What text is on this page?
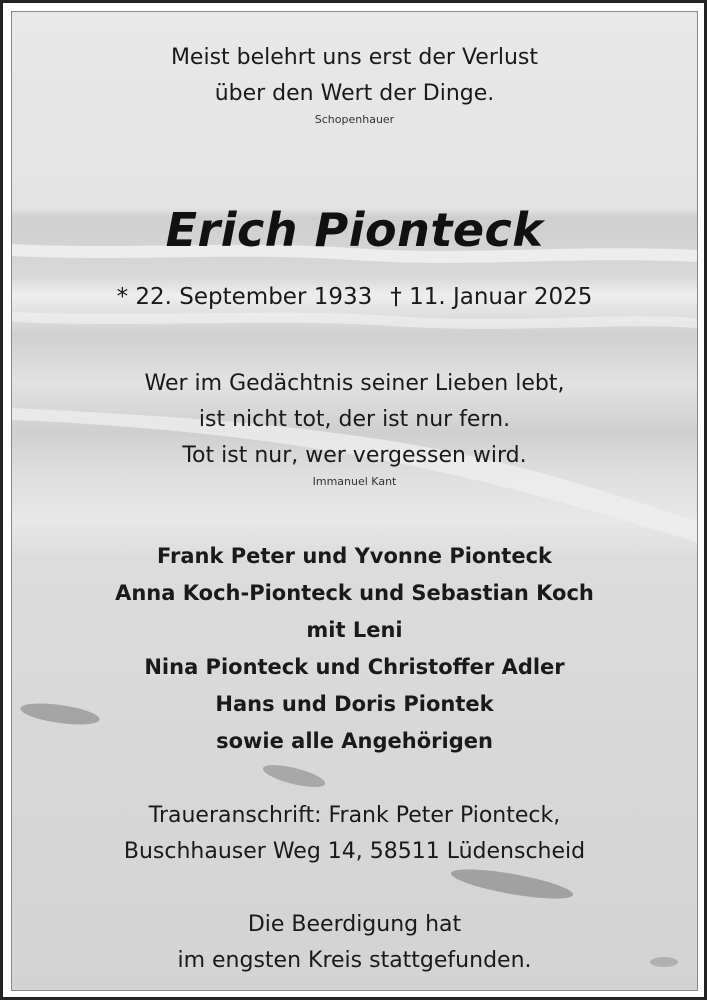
Meist belehrt uns erst der Verlust
über den Wert der Dinge.
Schopenhauer
Erich Pionteck
* 22. September 1933 † 11. Januar 2025
Wer im Gedächtnis seiner Lieben lebt,
ist nicht tot, der ist nur fern.
Tot ist nur, wer vergessen wird.
Immanuel Kant
Frank Peter und Yvonne Pionteck
Anna Koch-Pionteck und Sebastian Koch
mit Leni
Nina Pionteck und Christoffer Adler
Hans und Doris Piontek
sowie alle Angehörigen
Traueranschrift: Frank Peter Pionteck,
Buschhauser Weg 14, 58511 Lüdenscheid
Die Beerdigung hat
im engsten Kreis stattgefunden.
